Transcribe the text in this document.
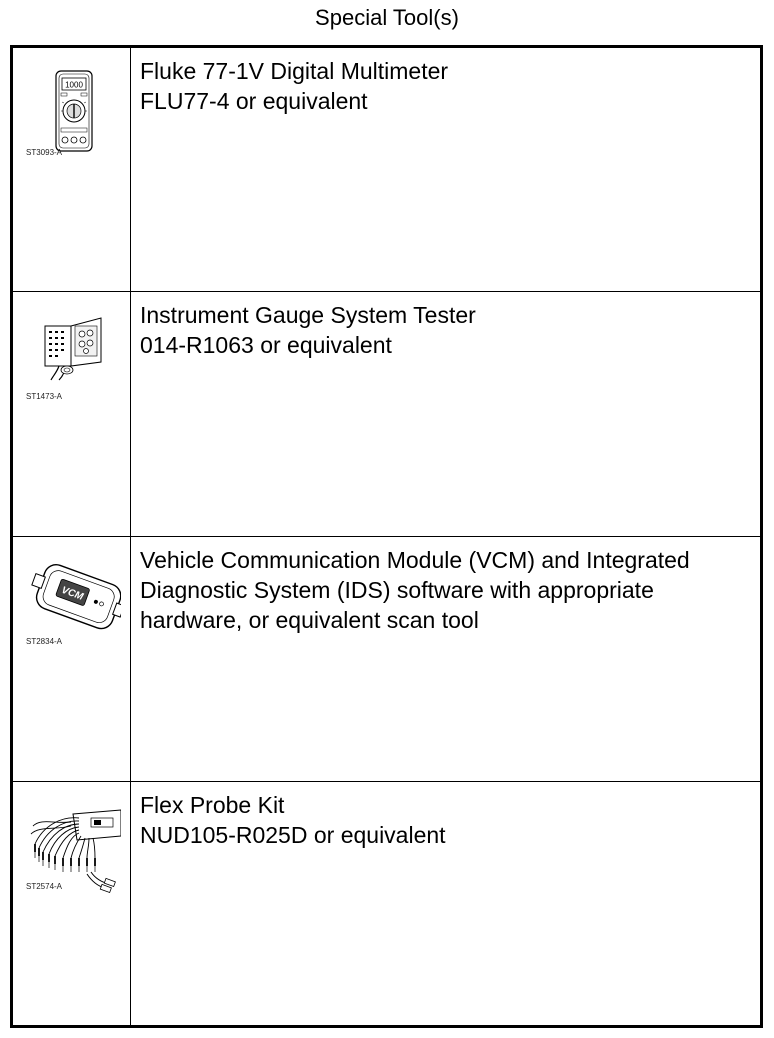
Special Tool(s)
1000
ST3093-A	Fluke 77-1V Digital Multimeter
FLU77-4 or equivalent

ST1473-A	Instrument Gauge System Tester
014-R1063 or equivalent

VCM
ST2834-A	Vehicle Communication Module (VCM) and Integrated
Diagnostic System (IDS) software with appropriate
hardware, or equivalent scan tool

ST2574-A	Flex Probe Kit
NUD105-R025D or equivalent
